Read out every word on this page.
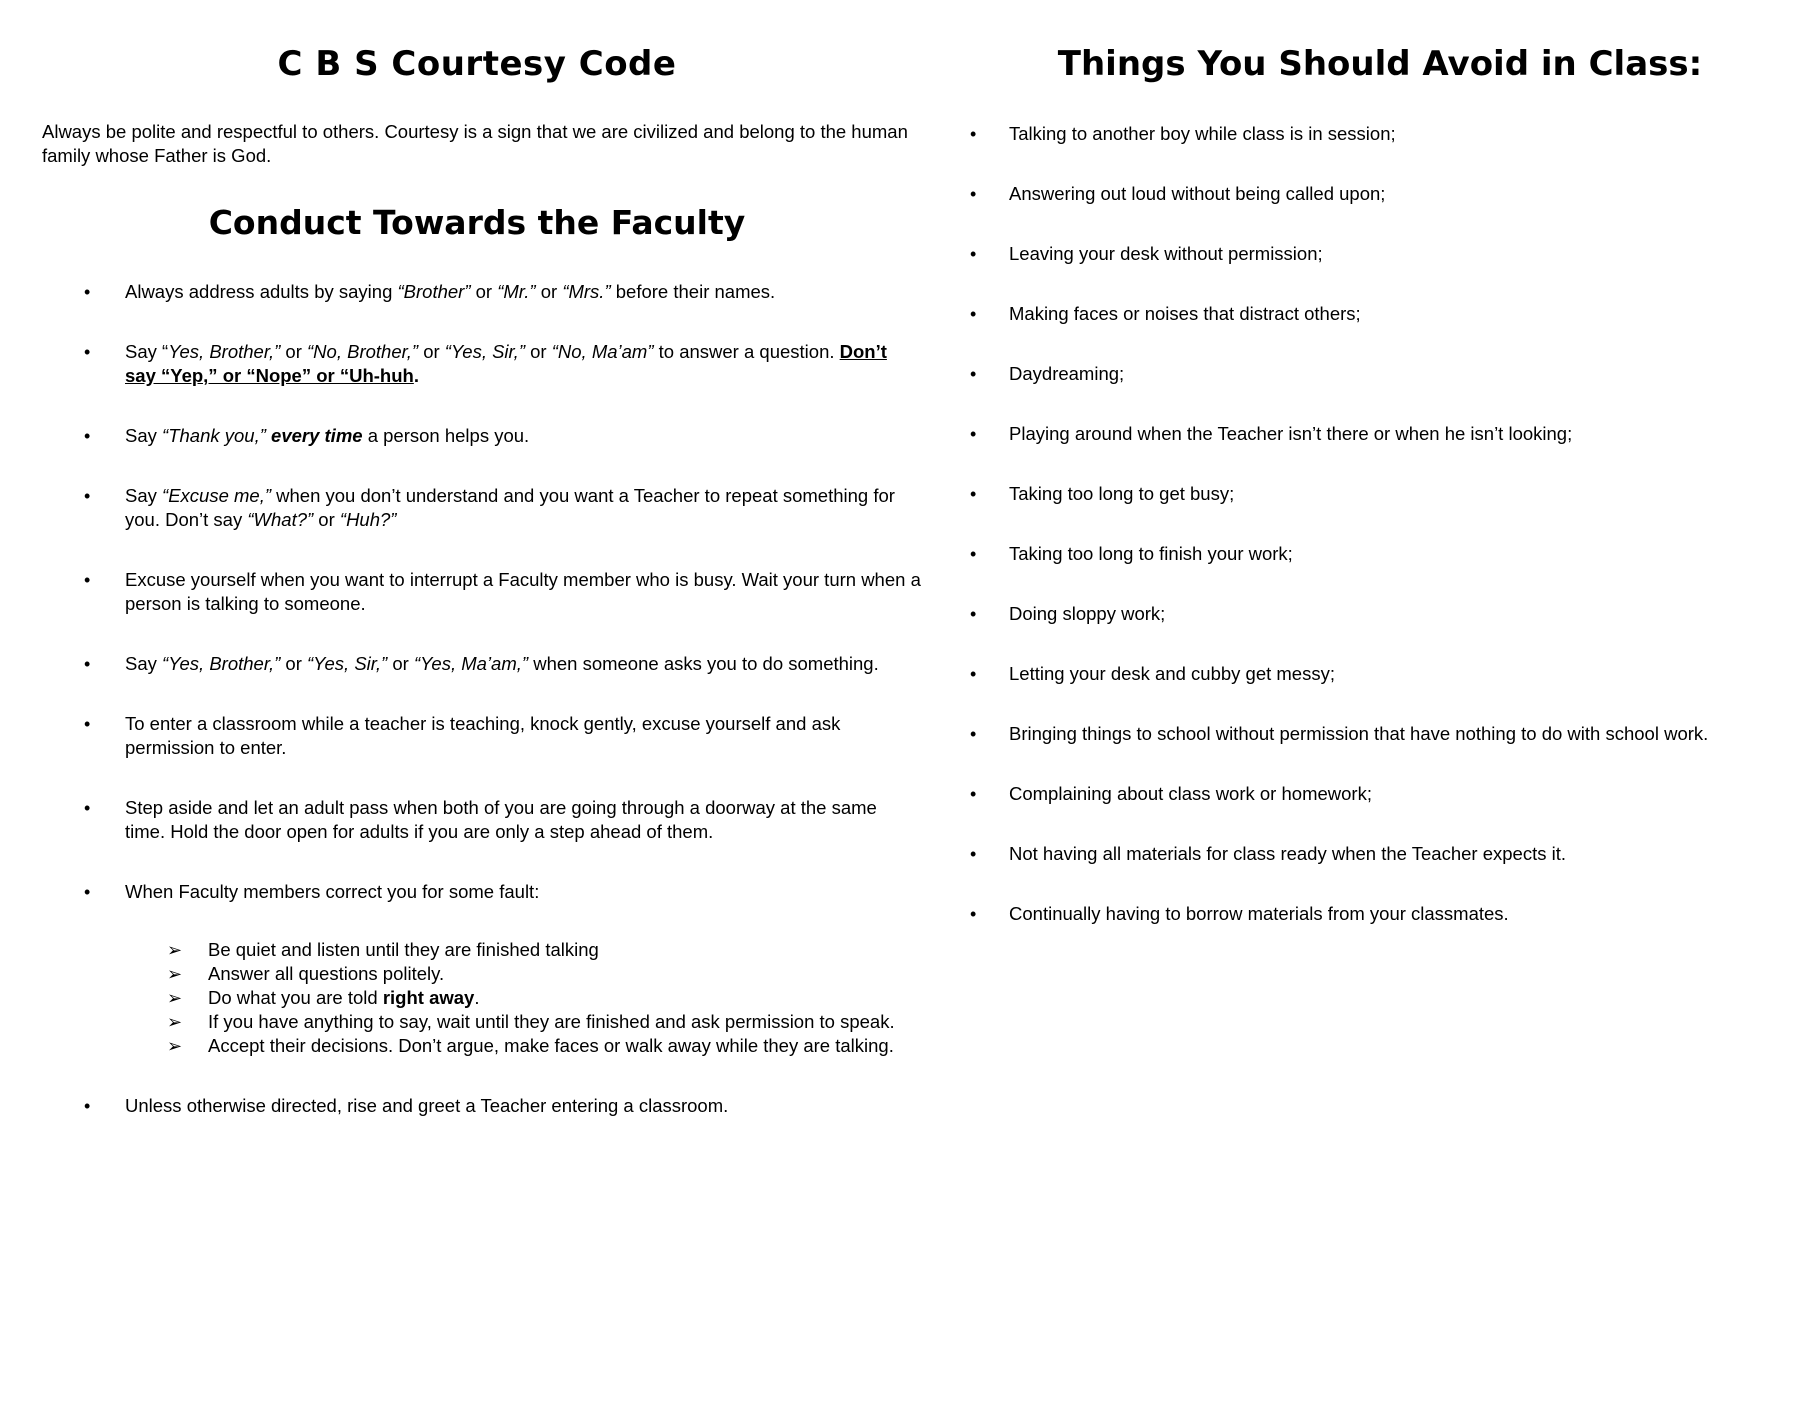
C B S Courtesy Code
Always be polite and respectful to others. Courtesy is a sign that we are civilized and belong to the human family whose Father is God.
Conduct Towards the Faculty
• Always address adults by saying “Brother” or “Mr.” or “Mrs.” before their names.
• Say “Yes, Brother,” or “No, Brother,” or “Yes, Sir,” or “No, Ma’am” to answer a question. Don’t say “Yep,” or “Nope” or “Uh-huh.
• Say “Thank you,” every time a person helps you.
• Say “Excuse me,” when you don’t understand and you want a Teacher to repeat something for you. Don’t say “What?” or “Huh?”
• Excuse yourself when you want to interrupt a Faculty member who is busy. Wait your turn when a person is talking to someone.
• Say “Yes, Brother,” or “Yes, Sir,” or “Yes, Ma’am,” when someone asks you to do something.
• To enter a classroom while a teacher is teaching, knock gently, excuse yourself and ask permission to enter.
• Step aside and let an adult pass when both of you are going through a doorway at the same time. Hold the door open for adults if you are only a step ahead of them.
• When Faculty members correct you for some fault:
➢ Be quiet and listen until they are finished talking
➢ Answer all questions politely.
➢ Do what you are told right away.
➢ If you have anything to say, wait until they are finished and ask permission to speak.
➢ Accept their decisions. Don’t argue, make faces or walk away while they are talking.
• Unless otherwise directed, rise and greet a Teacher entering a classroom.
Things You Should Avoid in Class:
• Talking to another boy while class is in session;
• Answering out loud without being called upon;
• Leaving your desk without permission;
• Making faces or noises that distract others;
• Daydreaming;
• Playing around when the Teacher isn’t there or when he isn’t looking;
• Taking too long to get busy;
• Taking too long to finish your work;
• Doing sloppy work;
• Letting your desk and cubby get messy;
• Bringing things to school without permission that have nothing to do with school work.
• Complaining about class work or homework;
• Not having all materials for class ready when the Teacher expects it.
• Continually having to borrow materials from your classmates.
